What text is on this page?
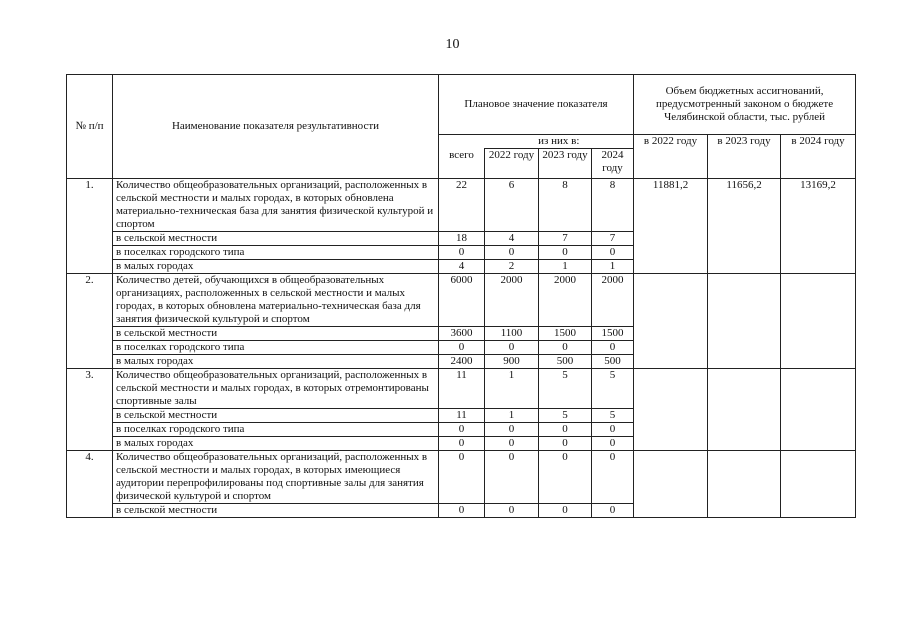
10
№ п/п	Наименование показателя результативности	Плановое значение показателя				Объем бюджетных ассигнований, предусмотренный законом о бюджете Челябинской области, тыс. рублей		
			из них в:			в 2022 году	в 2023 году	в 2024 году
		всего	2022 году	2023 году	2024 году			
1.	Количество общеобразовательных организаций, расположенных в сельской местности и малых городах, в которых обновлена материально-техническая база для занятия физической культурой и спортом	22	6	8	8	11881,2	11656,2	13169,2
	в сельской местности	18	4	7	7			
	в поселках городского типа	0	0	0	0			
	в малых городах	4	2	1	1			
2.	Количество детей, обучающихся в общеобразовательных организациях, расположенных в сельской местности и малых городах, в которых обновлена материально-техническая база для занятия физической культурой и спортом	6000	2000	2000	2000			
	в сельской местности	3600	1100	1500	1500			
	в поселках городского типа	0	0	0	0			
	в малых городах	2400	900	500	500			
3.	Количество общеобразовательных организаций, расположенных в сельской местности и малых городах, в которых отремонтированы спортивные залы	11	1	5	5			
	в сельской местности	11	1	5	5			
	в поселках городского типа	0	0	0	0			
	в малых городах	0	0	0	0			
4.	Количество общеобразовательных организаций, расположенных в сельской местности и малых городах, в которых имеющиеся аудитории перепрофилированы под спортивные залы для занятия физической культурой и спортом	0	0	0	0			
	в сельской местности	0	0	0	0			
